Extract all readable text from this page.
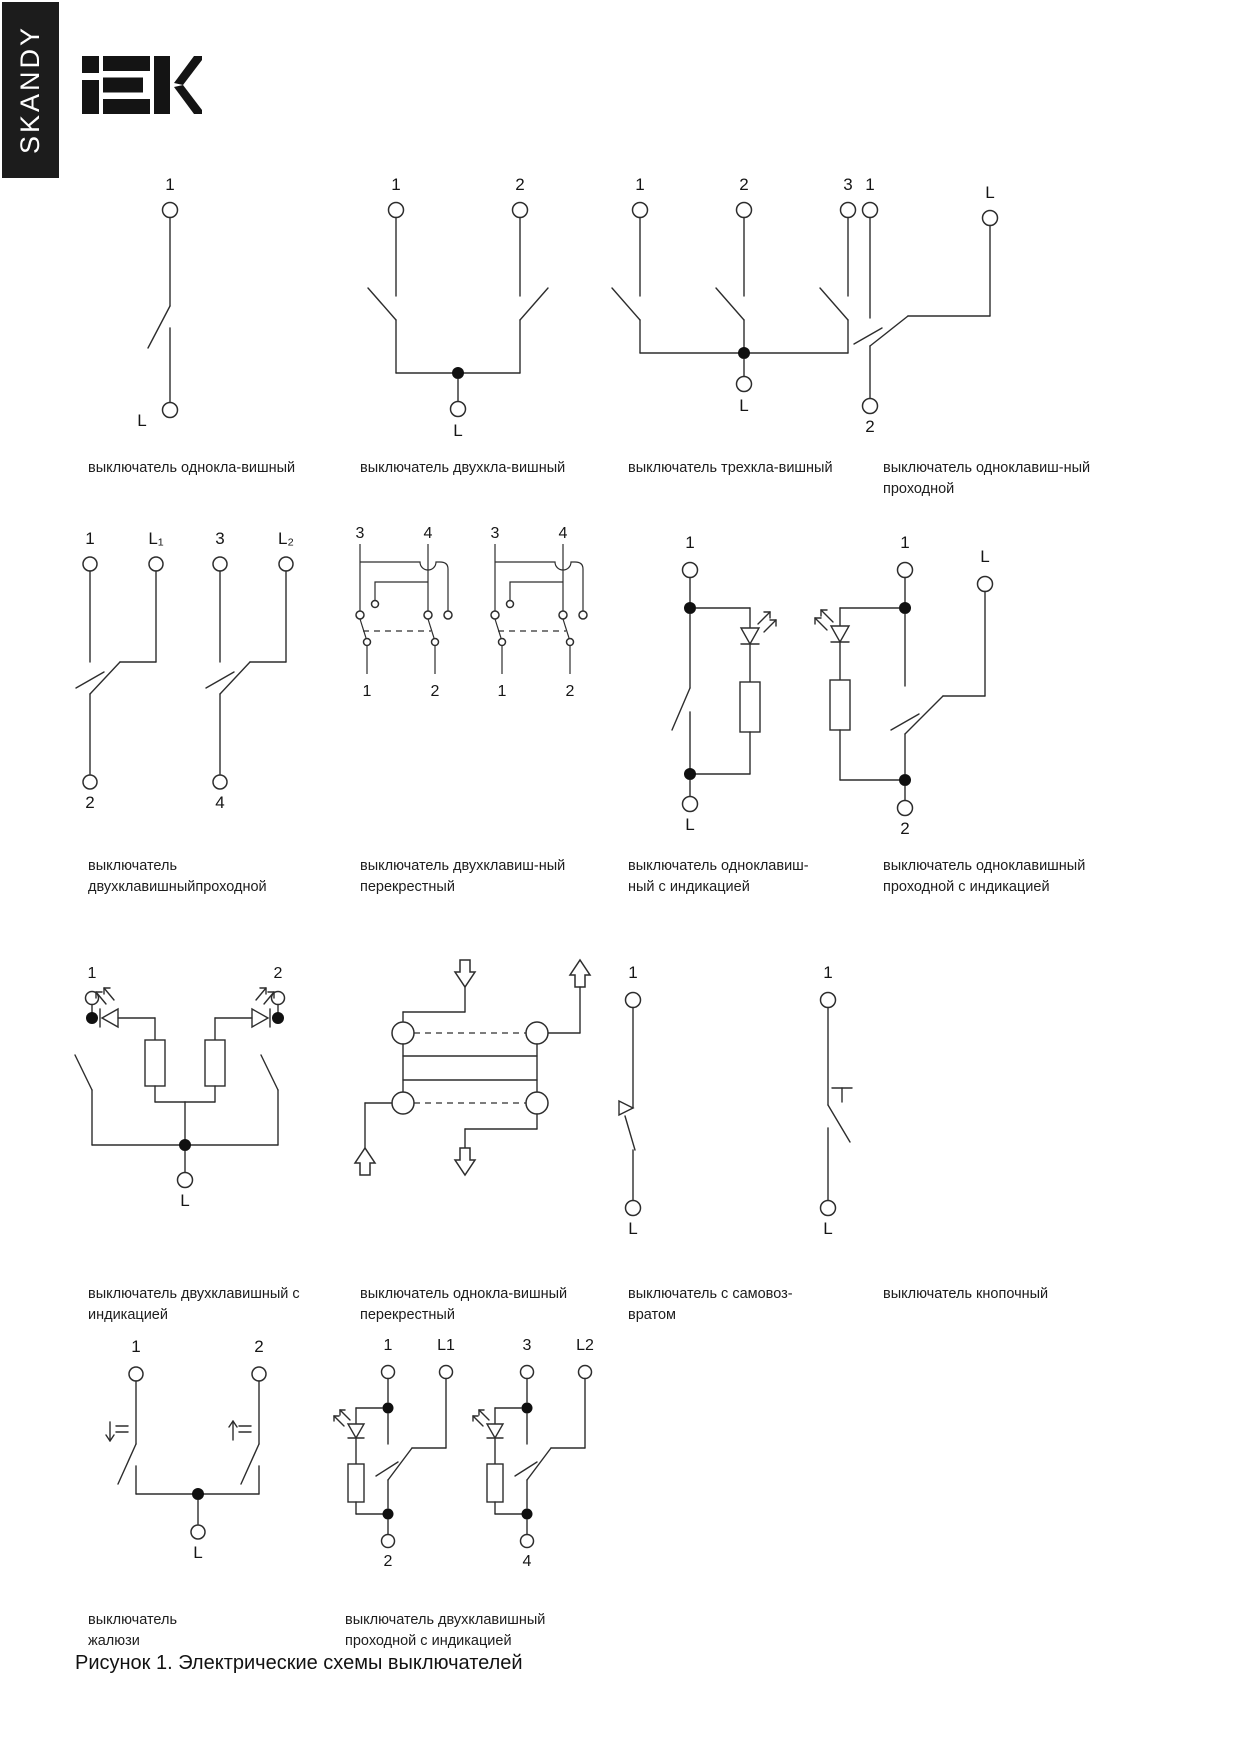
SKANDY
1
L
1	2
L
1	2	3
L
1	L
2
1	L₁	3	L₂
2	4
3	4
1	2
3	4
1	2
1
L
1
L
2
1	2
L
1
L
1
L
1	2
L
1	L1
2
3	L2
4
выключатель однокла-вишный	выключатель двухкла-вишный	выключатель трехкла-вишный	выключатель одноклавиш-ный
проходной
выключатель
двухклавишныйпроходной
выключатель двухклавиш-ный
перекрестный
выключатель одноклавиш-
ный с индикацией
выключатель одноклавишный
проходной с индикацией
выключатель двухклавишный с
индикацией
выключатель однокла-вишный
перекрестный
выключатель с самовоз-
вратом
выключатель кнопочный
выключатель
жалюзи
выключатель двухклавишный
проходной с индикацией
Рисунок 1. Электрические схемы выключателей
